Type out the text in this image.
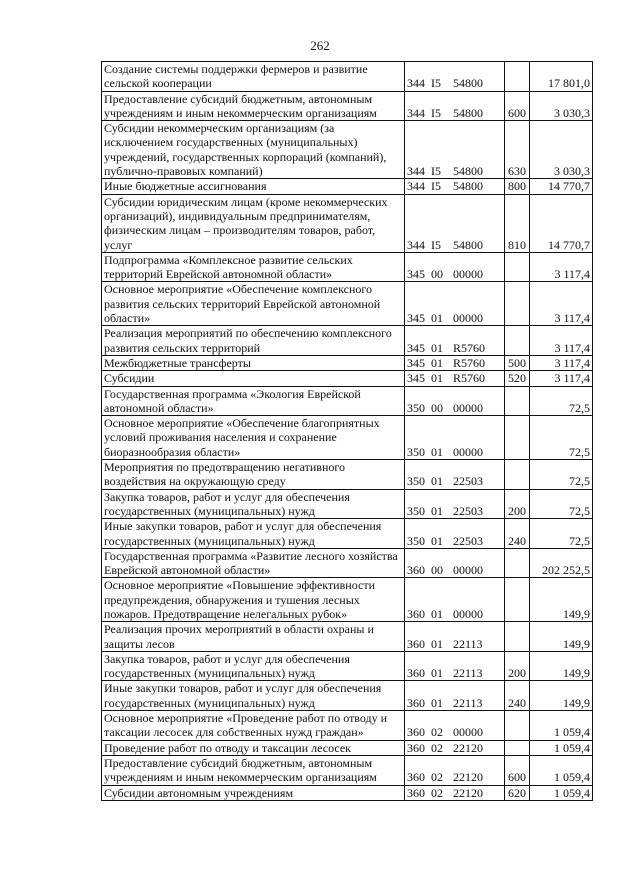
262
Создание системы поддержки фермеров и развитие сельской кооперации	344 I5 54800		17 801,0
Предоставление субсидий бюджетным, автономным учреждениям и иным некоммерческим организациям	344 I5 54800	600	3 030,3
Субсидии некоммерческим организациям (за исключением государственных (муниципальных) учреждений, государственных корпораций (компаний), публично-правовых компаний)	344 I5 54800	630	3 030,3
Иные бюджетные ассигнования	344 I5 54800	800	14 770,7
Субсидии юридическим лицам (кроме некоммерческих организаций), индивидуальным предпринимателям, физическим лицам – производителям товаров, работ, услуг	344 I5 54800	810	14 770,7
Подпрограмма «Комплексное развитие сельских территорий Еврейской автономной области»	345 00 00000		3 117,4
Основное мероприятие «Обеспечение комплексного развития сельских территорий Еврейской автономной области»	345 01 00000		3 117,4
Реализация мероприятий по обеспечению комплексного развития сельских территорий	345 01 R5760		3 117,4
Межбюджетные трансферты	345 01 R5760	500	3 117,4
Субсидии	345 01 R5760	520	3 117,4
Государственная программа «Экология Еврейской автономной области»	350 00 00000		72,5
Основное мероприятие «Обеспечение благоприятных условий проживания населения и сохранение биоразнообразия области»	350 01 00000		72,5
Мероприятия по предотвращению негативного воздействия на окружающую среду	350 01 22503		72,5
Закупка товаров, работ и услуг для обеспечения государственных (муниципальных) нужд	350 01 22503	200	72,5
Иные закупки товаров, работ и услуг для обеспечения государственных (муниципальных) нужд	350 01 22503	240	72,5
Государственная программа «Развитие лесного хозяйства Еврейской автономной области»	360 00 00000		202 252,5
Основное мероприятие «Повышение эффективности предупреждения, обнаружения и тушения лесных пожаров. Предотвращение нелегальных рубок»	360 01 00000		149,9
Реализация прочих мероприятий в области охраны и защиты лесов	360 01 22113		149,9
Закупка товаров, работ и услуг для обеспечения государственных (муниципальных) нужд	360 01 22113	200	149,9
Иные закупки товаров, работ и услуг для обеспечения государственных (муниципальных) нужд	360 01 22113	240	149,9
Основное мероприятие «Проведение работ по отводу и таксации лесосек для собственных нужд граждан»	360 02 00000		1 059,4
Проведение работ по отводу и таксации лесосек	360 02 22120		1 059,4
Предоставление субсидий бюджетным, автономным учреждениям и иным некоммерческим организациям	360 02 22120	600	1 059,4
Субсидии автономным учреждениям	360 02 22120	620	1 059,4
